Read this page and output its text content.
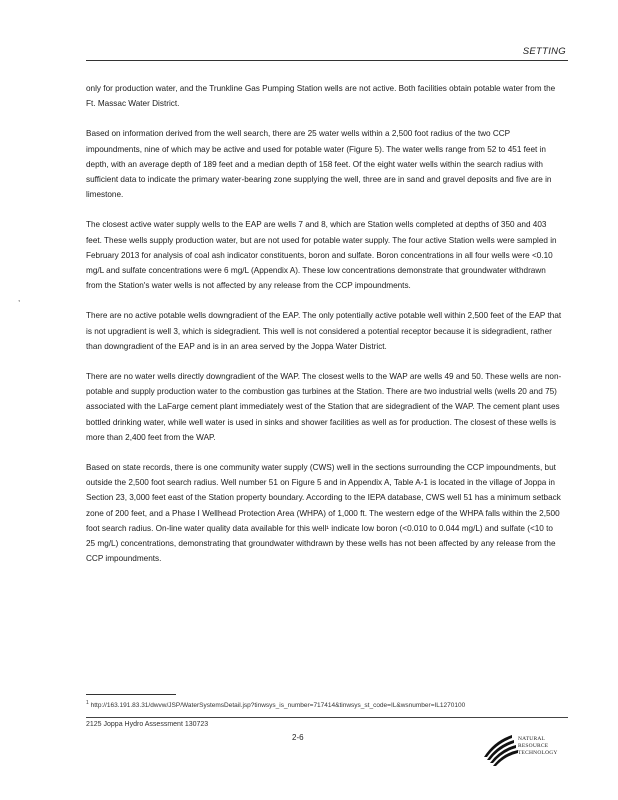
SETTING

only for production water, and the Trunkline Gas Pumping Station wells are not active. Both facilities obtain potable water from the Ft. Massac Water District.

Based on information derived from the well search, there are 25 water wells within a 2,500 foot radius of the two CCP impoundments, nine of which may be active and used for potable water (Figure 5). The water wells range from 52 to 451 feet in depth, with an average depth of 189 feet and a median depth of 158 feet. Of the eight water wells within the search radius with sufficient data to indicate the primary water-bearing zone supplying the well, three are in sand and gravel deposits and five are in limestone.

The closest active water supply wells to the EAP are wells 7 and 8, which are Station wells completed at depths of 350 and 403 feet. These wells supply production water, but are not used for potable water supply. The four active Station wells were sampled in February 2013 for analysis of coal ash indicator constituents, boron and sulfate. Boron concentrations in all four wells were <0.10 mg/L and sulfate concentrations were 6 mg/L (Appendix A). These low concentrations demonstrate that groundwater withdrawn from the Station's water wells is not affected by any release from the CCP impoundments.

There are no active potable wells downgradient of the EAP. The only potentially active potable well within 2,500 feet of the EAP that is not upgradient is well 3, which is sidegradient. This well is not considered a potential receptor because it is sidegradient, rather than downgradient of the EAP and is in an area served by the Joppa Water District.

There are no water wells directly downgradient of the WAP. The closest wells to the WAP are wells 49 and 50. These wells are non-potable and supply production water to the combustion gas turbines at the Station. There are two industrial wells (wells 20 and 75) associated with the LaFarge cement plant immediately west of the Station that are sidegradient of the WAP. The cement plant uses bottled drinking water, while well water is used in sinks and shower facilities as well as for production. The closest of these wells is more than 2,400 feet from the WAP.

Based on state records, there is one community water supply (CWS) well in the sections surrounding the CCP impoundments, but outside the 2,500 foot search radius. Well number 51 on Figure 5 and in Appendix A, Table A-1 is located in the village of Joppa in Section 23, 3,000 feet east of the Station property boundary. According to the IEPA database, CWS well 51 has a minimum setback zone of 200 feet, and a Phase I Wellhead Protection Area (WHPA) of 1,000 ft. The western edge of the WHPA falls within the 2,500 foot search radius. On-line water quality data available for this well¹ indicate low boron (<0.010 to 0.044 mg/L) and sulfate (<10 to 25 mg/L) concentrations, demonstrating that groundwater withdrawn by these wells has not been affected by any release from the CCP impoundments.

,
$^1$ http://163.191.83.31/dwvw/JSP/WaterSystemsDetail.jsp?tinwsys_is_number=717414&tinwsys_st_code=IL&wsnumber=IL1270100
2125 Joppa Hydro Assessment 130723
2-6	NATURAL
RESOURCE
TECHNOLOGY
